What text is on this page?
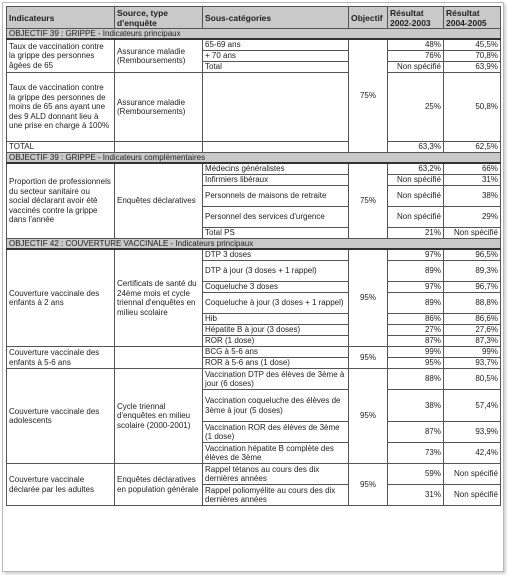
Indicateurs	Source, type d'enquête	Sous-catégories	Objectif	Résultat 2002-2003	Résultat 2004-2005
OBJECTIF 39 : GRIPPE - Indicateurs principaux					
Taux de vaccination contre la grippe des personnes âgées de 65	Assurance maladie (Remboursements)	65-69 ans	75%	48%	45,5%
		+ 70 ans		76%	70,8%
		Total		Non spécifié	63,9%
Taux de vaccination contre la grippe des personnes de moins de 65 ans ayant une des 9 ALD donnant lieu à une prise en charge à 100%	Assurance maladie (Remboursements)			25%	50,8%
TOTAL				63,3%	62,5%
OBJECTIF 39 : GRIPPE - Indicateurs complémentaires					
Proportion de professionnels du secteur sanitaire ou social déclarant avoir été vaccinés contre la grippe dans l'année	Enquêtes déclaratives	Médecins généralistes	75%	63,2%	66%
		Infirmiers libéraux		Non spécifié	31%
		Personnels de maisons de retraite		Non spécifié	38%
		Personnel des services d'urgence		Non spécifié	29%
		Total PS		21%	Non spécifié
OBJECTIF 42 : COUVERTURE VACCINALE - Indicateurs principaux					
Couverture vaccinale des enfants à 2 ans	Certificats de santé du 24ème mois et cycle triennal d'enquêtes en milieu scolaire	DTP 3 doses	95%	97%	96,5%
		DTP à jour (3 doses + 1 rappel)		89%	89,3%
		Coqueluche 3 doses		97%	96,7%
		Coqueluche à jour (3 doses + 1 rappel)		89%	88,8%
		Hib		86%	86,6%
		Hépatite B à jour (3 doses)		27%	27,6%
		ROR (1 dose)		87%	87,3%
Couverture vaccinale des enfants à 5-6 ans		BCG à 5-6 ans	95%	99%	99%
		ROR à 5-6 ans (1 dose)		95%	93,7%
Couverture vaccinale des adolescents	Cycle triennal d'enquêtes en milieu scolaire (2000-2001)	Vaccination DTP des élèves de 3ème à jour (6 doses)	95%	88%	80,5%
		Vaccination coqueluche des élèves de 3ème à jour (5 doses)		38%	57,4%
		Vaccination ROR des élèves de 3ème (1 dose)		87%	93,9%
		Vaccination hépatite B complète des élèves de 3ème		73%	42,4%
Couverture vaccinale déclarée par les adultes	Enquêtes déclaratives en population générale	Rappel tétanos au cours des dix dernières années	95%	59%	Non spécifié
		Rappel poliomyélite au cours des dix dernières années		31%	Non spécifié
